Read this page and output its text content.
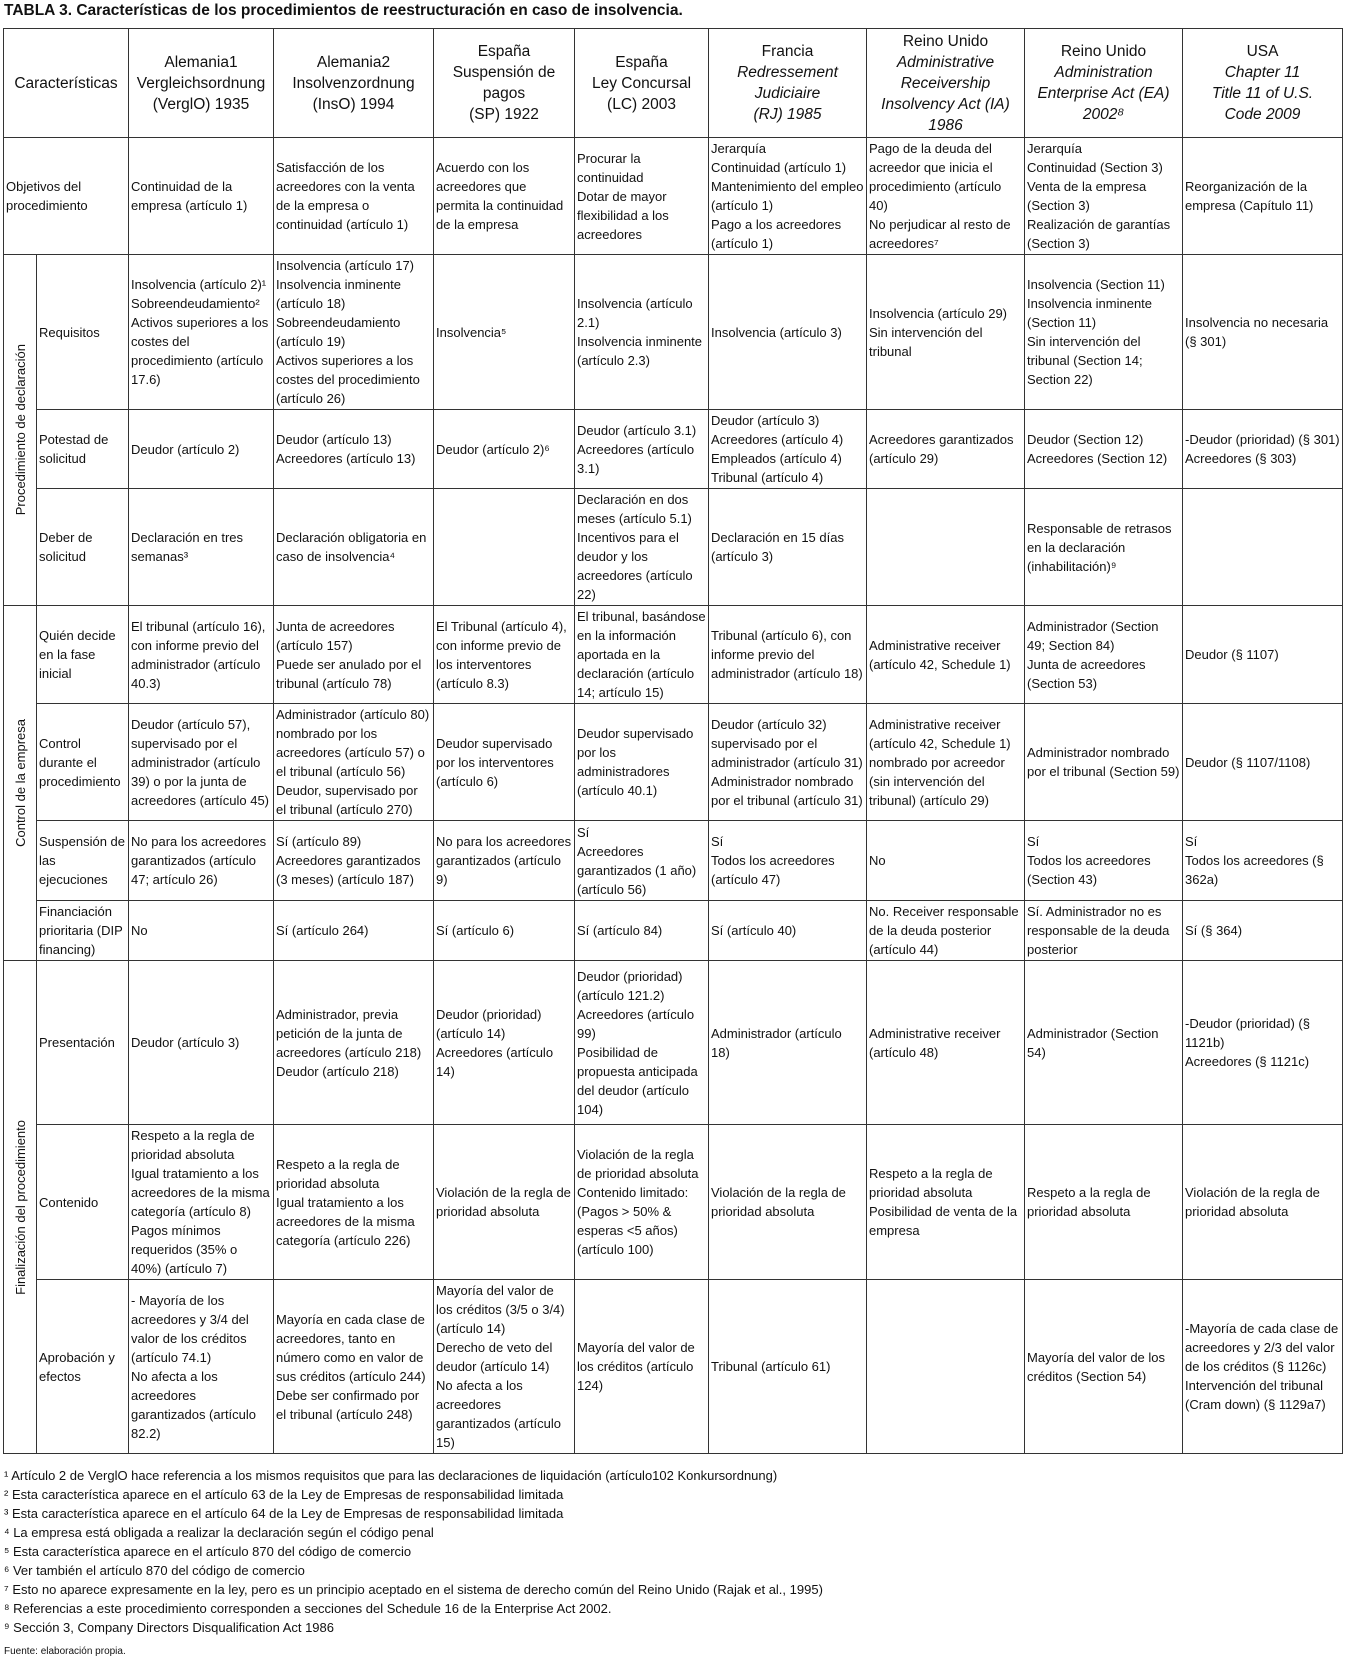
TABLA 3. Características de los procedimientos de reestructuración en caso de insolvencia.
Características		Alemania1
Vergleichsordnung
(VerglO) 1935	Alemania2
Insolvenzordnung
(InsO) 1994	España
Suspensión de
pagos
(SP) 1922	España
Ley Concursal
(LC) 2003	Francia
Redressement
Judiciaire
(RJ) 1985	Reino Unido
Administrative
Receivership
Insolvency Act (IA)
1986	Reino Unido
Administration
Enterprise Act (EA)
2002⁸	USA
Chapter 11
Title 11 of U.S.
Code 2009

Objetivos del procedimiento		Continuidad de la empresa (artículo 1)	Satisfacción de los acreedores con la venta de la empresa o continuidad (artículo 1)	Acuerdo con los acreedores que permita la continuidad de la empresa	Procurar la continuidad
Dotar de mayor flexibilidad a los acreedores	Jerarquía
Continuidad (artículo 1)
Mantenimiento del empleo (artículo 1)
Pago a los acreedores (artículo 1)	Pago de la deuda del acreedor que inicia el procedimiento (artículo 40)
No perjudicar al resto de acreedores⁷	Jerarquía
Continuidad (Section 3)
Venta de la empresa (Section 3)
Realización de garantías (Section 3)	Reorganización de la empresa (Capítulo 11)

Procedimiento de declaración	Requisitos	Insolvencia (artículo 2)¹
Sobreendeudamiento²
Activos superiores a los costes del procedimiento (artículo 17.6)	Insolvencia (artículo 17)
Insolvencia inminente (artículo 18)
Sobreendeudamiento (artículo 19)
Activos superiores a los costes del procedimiento (artículo 26)	Insolvencia⁵	Insolvencia (artículo 2.1)
Insolvencia inminente (artículo 2.3)	Insolvencia (artículo 3)	Insolvencia (artículo 29)
Sin intervención del tribunal	Insolvencia (Section 11)
Insolvencia inminente (Section 11)
Sin intervención del tribunal (Section 14; Section 22)	Insolvencia no necesaria (§ 301)

	Potestad de solicitud	Deudor (artículo 2)	Deudor (artículo 13)
Acreedores (artículo 13)	Deudor (artículo 2)⁶	Deudor (artículo 3.1)
Acreedores (artículo 3.1)	Deudor (artículo 3)
Acreedores (artículo 4)
Empleados (artículo 4)
Tribunal (artículo 4)	Acreedores garantizados (artículo 29)	Deudor (Section 12)
Acreedores (Section 12)	-Deudor (prioridad) (§ 301)
Acreedores (§ 303)

	Deber de solicitud	Declaración en tres semanas³	Declaración obligatoria en caso de insolvencia⁴		Declaración en dos meses (artículo 5.1)
Incentivos para el deudor y los acreedores (artículo 22)	Declaración en 15 días (artículo 3)		Responsable de retrasos en la declaración (inhabilitación)⁹	

Control de la empresa	Quién decide en la fase inicial	El tribunal (artículo 16), con informe previo del administrador (artículo 40.3)	Junta de acreedores (artículo 157)
Puede ser anulado por el tribunal (artículo 78)	El Tribunal (artículo 4), con informe previo de los interventores (artículo 8.3)	El tribunal, basándose en la información aportada en la declaración (artículo 14; artículo 15)	Tribunal (artículo 6), con informe previo del administrador (artículo 18)	Administrative receiver (artículo 42, Schedule 1)	Administrador (Section 49; Section 84)
Junta de acreedores (Section 53)	Deudor (§ 1107)

	Control durante el procedimiento	Deudor (artículo 57), supervisado por el administrador (artículo 39) o por la junta de acreedores (artículo 45)	Administrador (artículo 80) nombrado por los acreedores (artículo 57) o el tribunal (artículo 56)
Deudor, supervisado por el tribunal (artículo 270)	Deudor supervisado por los interventores (artículo 6)	Deudor supervisado por los administradores (artículo 40.1)	Deudor (artículo 32) supervisado por el administrador (artículo 31)
Administrador nombrado por el tribunal (artículo 31)	Administrative receiver (artículo 42, Schedule 1) nombrado por acreedor (sin intervención del tribunal) (artículo 29)	Administrador nombrado por el tribunal (Section 59)	Deudor (§ 1107/1108)

	Suspensión de las ejecuciones	No para los acreedores garantizados (artículo 47; artículo 26)	Sí (artículo 89)
Acreedores garantizados (3 meses) (artículo 187)	No para los acreedores garantizados (artículo 9)	Sí
Acreedores garantizados (1 año) (artículo 56)	Sí
Todos los acreedores (artículo 47)	No	Sí
Todos los acreedores (Section 43)	Sí
Todos los acreedores (§ 362a)

	Financiación prioritaria (DIP financing)	No	Sí (artículo 264)	Sí (artículo 6)	Sí (artículo 84)	Sí (artículo 40)	No. Receiver responsable de la deuda posterior (artículo 44)	Sí. Administrador no es responsable de la deuda posterior	Sí (§ 364)

Finalización del procedimiento	Presentación	Deudor (artículo 3)	Administrador, previa petición de la junta de acreedores (artículo 218)
Deudor (artículo 218)	Deudor (prioridad) (artículo 14)
Acreedores (artículo 14)	Deudor (prioridad) (artículo 121.2)
Acreedores (artículo 99)
Posibilidad de propuesta anticipada del deudor (artículo 104)	Administrador (artículo 18)	Administrative receiver (artículo 48)	Administrador (Section 54)	-Deudor (prioridad) (§ 1121b)
Acreedores (§ 1121c)

	Contenido	Respeto a la regla de prioridad absoluta
Igual tratamiento a los acreedores de la misma categoría (artículo 8)
Pagos mínimos requeridos (35% o 40%) (artículo 7)	Respeto a la regla de prioridad absoluta
Igual tratamiento a los acreedores de la misma categoría (artículo 226)	Violación de la regla de prioridad absoluta	Violación de la regla de prioridad absoluta
Contenido limitado: (Pagos > 50% & esperas <5 años) (artículo 100)	Violación de la regla de prioridad absoluta	Respeto a la regla de prioridad absoluta
Posibilidad de venta de la empresa	Respeto a la regla de prioridad absoluta	Violación de la regla de prioridad absoluta

	Aprobación y efectos	- Mayoría de los acreedores y 3/4 del valor de los créditos (artículo 74.1)
No afecta a los acreedores garantizados (artículo 82.2)	Mayoría en cada clase de acreedores, tanto en número como en valor de sus créditos (artículo 244)
Debe ser confirmado por el tribunal (artículo 248)	Mayoría del valor de los créditos (3/5 o 3/4)(artículo 14)
Derecho de veto del deudor (artículo 14)
No afecta a los acreedores garantizados (artículo 15)	Mayoría del valor de los créditos (artículo 124)	Tribunal (artículo 61)		Mayoría del valor de los créditos (Section 54)	-Mayoría de cada clase de acreedores y 2/3 del valor de los créditos (§ 1126c)
Intervención del tribunal (Cram down) (§ 1129a7)
¹ Artículo 2 de VerglO hace referencia a los mismos requisitos que para las declaraciones de liquidación (artículo102 Konkursordnung)
² Esta característica aparece en el artículo 63 de la Ley de Empresas de responsabilidad limitada
³ Esta característica aparece en el artículo 64 de la Ley de Empresas de responsabilidad limitada
⁴ La empresa está obligada a realizar la declaración según el código penal
⁵ Esta característica aparece en el artículo 870 del código de comercio
⁶ Ver también el artículo 870 del código de comercio
⁷ Esto no aparece expresamente en la ley, pero es un principio aceptado en el sistema de derecho común del Reino Unido (Rajak et al., 1995)
⁸ Referencias a este procedimiento corresponden a secciones del Schedule 16 de la Enterprise Act 2002.
⁹ Sección 3, Company Directors Disqualification Act 1986
Fuente: elaboración propia.
